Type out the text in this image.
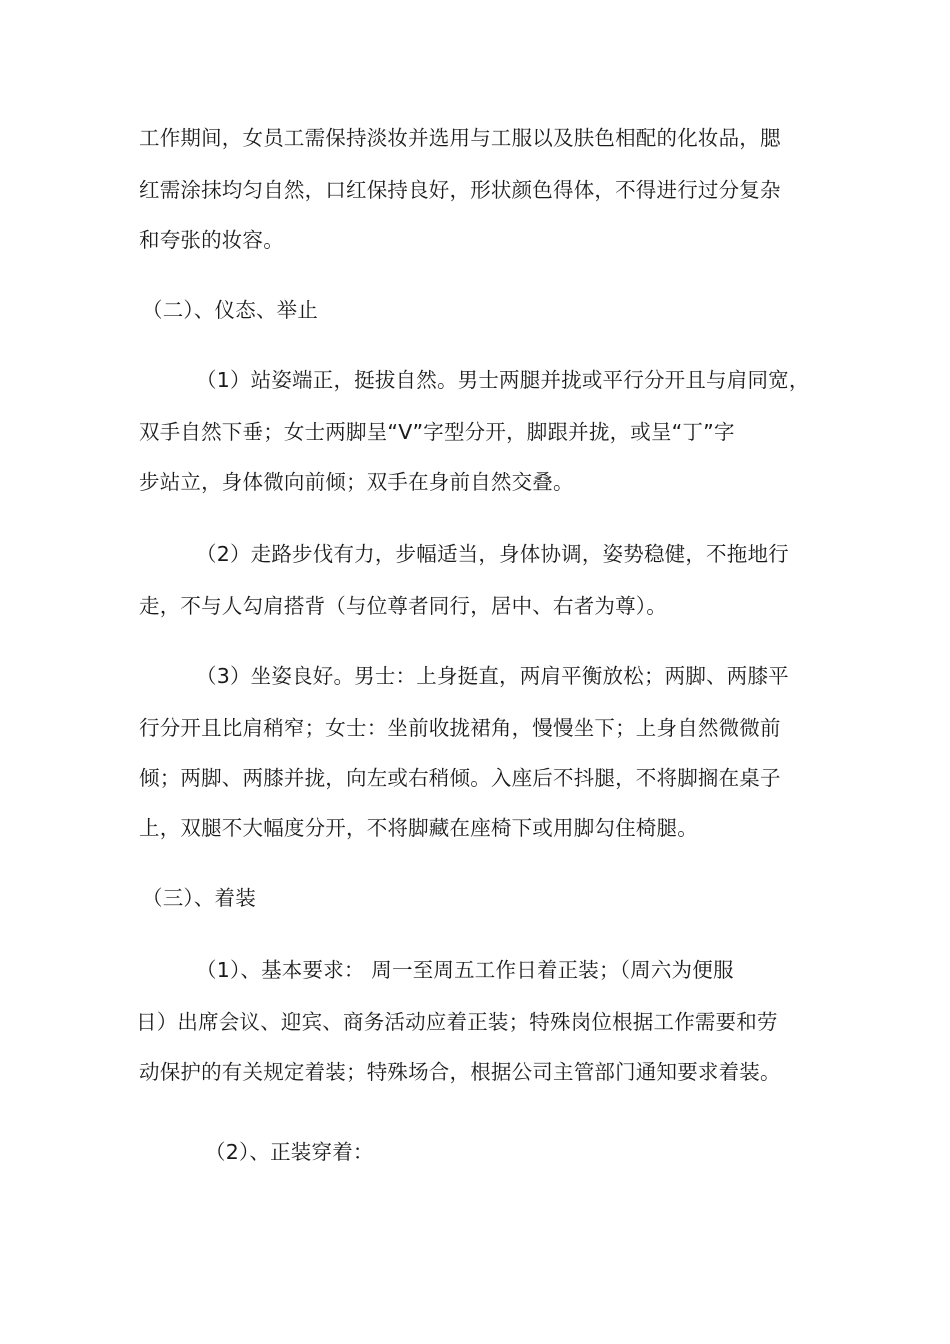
工作期间，女员工需保持淡妆并选用与工服以及肤色相配的化妆品，腮
红需涂抹均匀自然，口红保持良好，形状颜色得体，不得进行过分复杂
和夸张的妆容。
（二）、仪态、举止
（1）站姿端正，挺拔自然。男士两腿并拢或平行分开且与肩同宽，
双手自然下垂；女士两脚呈“V”字型分开，脚跟并拢，或呈“丁”字
步站立，身体微向前倾；双手在身前自然交叠。
（2）走路步伐有力，步幅适当，身体协调，姿势稳健，不拖地行
走，不与人勾肩搭背（与位尊者同行，居中、右者为尊）。
（3）坐姿良好。男士：上身挺直，两肩平衡放松；两脚、两膝平
行分开且比肩稍窄；女士：坐前收拢裙角，慢慢坐下；上身自然微微前
倾；两脚、两膝并拢，向左或右稍倾。入座后不抖腿，不将脚搁在桌子
上，双腿不大幅度分开，不将脚藏在座椅下或用脚勾住椅腿。
（三）、着装
（1）、基本要求： 周一至周五工作日着正装；（周六为便服
日）出席会议、迎宾、商务活动应着正装；特殊岗位根据工作需要和劳
动保护的有关规定着装；特殊场合，根据公司主管部门通知要求着装。
（2）、正装穿着：
